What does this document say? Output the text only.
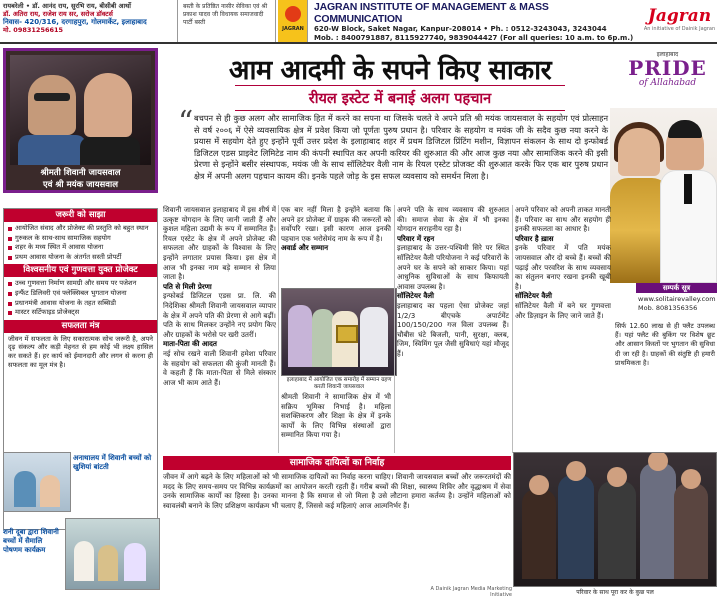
रायबरेली • डॉ. आनंद राय, सुरभि राय, बीसीबी आर्थो
डॉ. अतिरा राय, राजेश राय सर, सरोज डॉक्टर्स
निवास- 420/316, दरगाहपुरा, गोलमार्केट, इलाहाबाद
मो. 09831256615
बस्ती के प्रतिष्ठित नासीर सेविका एवं श्री प्रकाश यादव जी विधायक समाजवादी पार्टी बस्ती
JAGRAN
JAGRAN INSTITUTE OF MANAGEMENT & MASS COMMUNICATION
620-W Block, Saket Nagar, Kanpur-208014 • Ph. : 0512-3243043, 3243044
Mob. : 8400791887, 8115927740, 9839044427 (For all queries: 10 a.m. to 6p.m.)
Jagran
An initiative of Dainik Jagran
श्रीमती शिवानी जायसवाल
एवं श्री मयंक जायसवाल
आम आदमी के सपने किए साकार
रीयल इस्टेट में बनाई अलग पहचान
इलाहाबाद
PRIDE
of Allahabad
“ बचपन से ही कुछ अलग और सामाजिक हित में करने का सपना था जिसके चलते वे अपने प्रति श्री मयंक जायसवाल के सहयोग एवं प्रोत्साहन से वर्ष २००६ में ऐसे व्यवसायिक क्षेत्र में प्रवेश किया जो पूर्णतः पुरुष प्रधान है। परिवार के सहयोग व मयंक जी के सदैव कुछ नया करने के प्रयास में सहयोग देते हुए इन्होंने पूर्वी उत्तर प्रदेश के इलाहाबाद शहर में प्रथम डिजिटल प्रिंटिंग मशीन, विज्ञापन संकलन के साथ दो इन्फोबर्ड डिजिटल एडस प्राइवेट लिमिटेड नाम की कंपनी स्थापित कर अपनी करियर की शुरुआत की और आज कुछ नया और सामाजिक करने की इसी प्रेरणा से इन्होंने बसीर संस्थापक, मयंक जी के साथ सॉलिटेयर वैली नाम के रियल एस्टेट प्रोजक्ट की शुरुआत करके फिर एक बार पुरुष प्रधान क्षेत्र में अपनी अलग पहचान कायम की। इनके पहले जोड़ के इस सफल व्यवसाय को समर्थन मिला है।
सम्पर्क सूत्र
www.solitairevalley.com
Mob. 8081356356
सिर्फ 12.60 लाख से ही फ्लैट उपलब्ध हैं। यहां फ्लैट की बुकिंग पर विशेष छूट और आसान किस्तों पर भुगतान की सुविधा दी जा रही है। ग्राहकों की संतुष्टि ही हमारी प्राथमिकता है।
जरूरी को साझा
आयोजित संवाद और प्रोजेक्ट की प्रस्तुति को बहुत स्थान
गुरुकल के साथ-साथ सामाजिक सहयोग
शहर के मध्य स्थित में आवास योजना
प्रथम आवास योजना के अंतर्गत सस्ती प्रोपर्टी
विश्वसनीय एवं गुणवत्ता युक्त प्रोजेक्ट
उच्च गुणवत्ता निर्माण सामग्री और समय पर पजेशन
इन्फैंट डिलिवरी एवं फ्लेक्सिबल भुगतान योजना
प्रधानमंत्री आवास योजना के तहत सब्सिडी
मास्टर सर्टिफाइड प्रोजेक्ट्स
सफलता मंत्र
जीवन में सफलता के लिए सकारात्मक सोच जरूरी है, अपने दृढ़ संकल्प और कड़ी मेहनत से हम कोई भी लक्ष्य हासिल कर सकते हैं। हर कार्य को ईमानदारी और लगन से करना ही सफलता का मूल मंत्र है।
शिवानी जायसवाल इलाहाबाद में इस शीर्ष में उत्कृष्ट योगदान के लिए जानी जाती हैं और कुशल महिला उद्यमी के रूप में सम्मानित हैं। रियल एस्टेट के क्षेत्र में अपने प्रोजेक्ट की सफलता और ग्राहकों के विश्वास के लिए इन्होंने लगातार प्रयास किया। इस क्षेत्र में आज भी इनका नाम बड़े सम्मान से लिया जाता है।
पति से मिली प्रेरणा
इन्फोबर्ड डिजिटल एडस प्रा. लि. की निदेशिका श्रीमती शिवानी जायसवाल व्यापार के क्षेत्र में अपने पति की प्रेरणा से आगे बढ़ीं। पति के साथ मिलकर उन्होंने नए प्रयोग किए और ग्राहकों के भरोसे पर खरी उतरीं।
माता-पिता की आदत
नई सोच रखने वाली शिवानी हमेशा परिवार के सहयोग को सफलता की कुंजी मानती हैं। वे कहती हैं कि माता-पिता से मिले संस्कार आज भी काम आते हैं।
एक बार नहीं मिला है इन्होंने बताया कि अपने हर प्रोजेक्ट में ग्राहक की जरूरतों को सर्वोपरि रखा। इसी कारण आज इनकी पहचान एक भरोसेमंद नाम के रूप में है।
अवार्ड और सम्मान
इलाहाबाद में आयोजित एक समारोह में सम्मान ग्रहण करती शिवानी जायसवाल
श्रीमती शिवानी ने सामाजिक क्षेत्र में भी सक्रिय भूमिका निभाई है। महिला सशक्तिकरण और शिक्षा के क्षेत्र में इनके कार्यों के लिए विभिन्न संस्थाओं द्वारा सम्मानित किया गया है।
अपने पति के साथ व्यवसाय की शुरुआत की। समाज सेवा के क्षेत्र में भी इनका योगदान सराहनीय रहा है।
परिवार में रहन
इलाहाबाद के उत्तर-पश्चिमी सिरे पर स्थित सॉलिटेयर वैली परियोजना ने कई परिवारों के अपने घर के सपने को साकार किया। यहां आधुनिक सुविधाओं के साथ किफायती आवास उपलब्ध है।
सॉलिटेयर वैली
इलाहाबाद का पहला ऐसा प्रोजेक्ट जहां 1/2/3 बीएचके अपार्टमेंट 100/150/200 गज विला उपलब्ध हैं। चौबीस घंटे बिजली, पानी, सुरक्षा, क्लब, जिम, स्विमिंग पूल जैसी सुविधाएं यहां मौजूद हैं।
अपने परिवार को अपनी ताकत मानती हैं। परिवार का साथ और सहयोग ही इनकी सफलता का आधार है।
परिवार है ख़ास
इनके परिवार में पति मयंक जायसवाल और दो बच्चे हैं। बच्चों की पढ़ाई और परवरिश के साथ व्यवसाय का संतुलन बनाए रखना इनकी खूबी है।
सॉलिटेयर वैली
सॉलिटेयर वैली में बने घर गुणवत्ता और डिज़ाइन के लिए जाने जाते हैं।
अनाथालय में शिवानी बच्चों को खुशियां बांटती
शनी दूबा द्वारा शिवानी बच्चों में सैमालि पोषणम कार्यक्रम
सामाजिक दायित्वों का निर्वाह
जीवन में आगे बढ़ने के लिए महिलाओं को भी सामाजिक दायित्वों का निर्वाह करना चाहिए। शिवानी जायसवाल बच्चों और जरूरतमंदों की मदद के लिए समय-समय पर विभिन्न कार्यक्रमों का आयोजन करती रहती हैं। गरीब बच्चों की शिक्षा, स्वास्थ्य शिविर और वृद्धाश्रम में सेवा उनके सामाजिक कार्यों का हिस्सा है। उनका मानना है कि समाज से जो मिला है उसे लौटाना हमारा कर्तव्य है। उन्होंने महिलाओं को स्वावलंबी बनाने के लिए प्रशिक्षण कार्यक्रम भी चलाए हैं, जिससे कई महिलाएं आज आत्मनिर्भर हैं।
A Dainik Jagran Media Marketing Initiative	परिवार के साथ पूरा कर के कुछ पल
